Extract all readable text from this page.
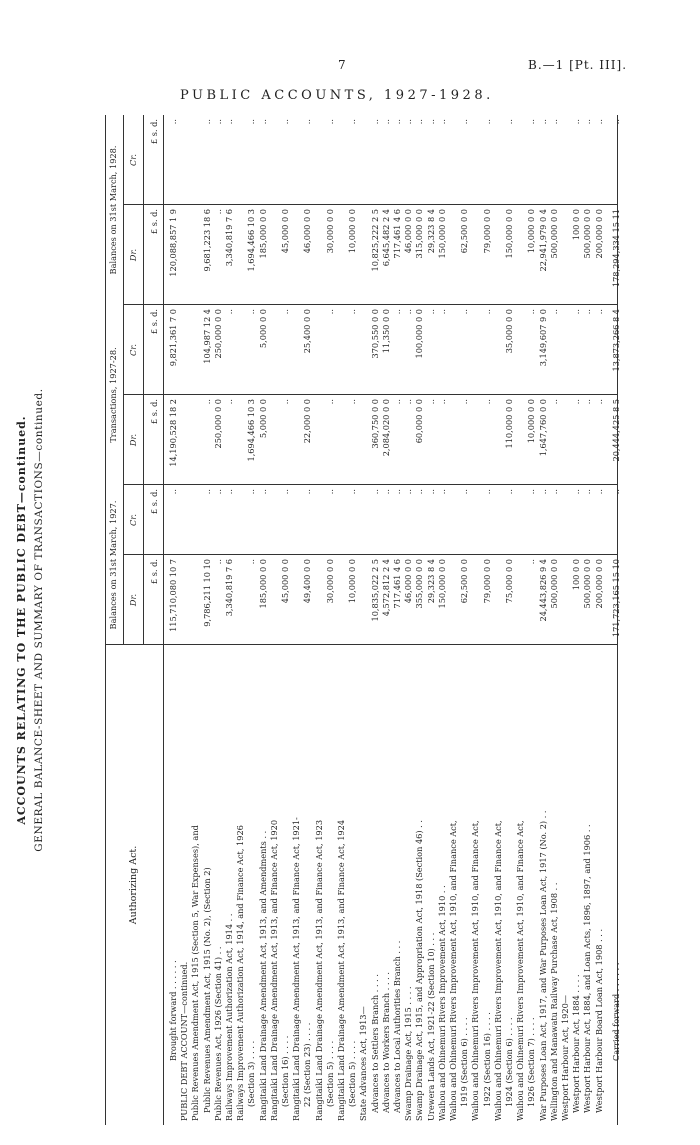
7	B.—1 [Pt. III].
PUBLIC ACCOUNTS, 1927-1928.
ACCOUNTS RELATING TO THE PUBLIC DEBT—continued. GENERAL BALANCE-SHEET AND SUMMARY OF TRANSACTIONS—continued.
Authorizing Act.
Balances on 31st March, 1927.
Transactions, 1927-28.
Balances on 31st March, 1928.
Dr.
Cr.
Dr.
Cr.
Dr.
Cr.
£ s. d.
£ s. d.
£ s. d.
£ s. d.
£ s. d.
£ s. d.
Brought forward . . . . . .
115,710,080 10 7
..
14,190,528 18 2
9,821,361 7 0
120,088,857 1 9
..
PUBLIC DEBT ACCOUNT—continued. Public Revenues Amendment Act, 1915 (Section 5, War Expenses), and Public Revenues Amendment Act, 1915 (No. 2), (Section 2)
9,786,211 10 10
..
..
104,987 12 4
9,681,223 18 6
..
Public Revenues Act, 1926 (Section 41) . .
..
..
250,000 0 0
250,000 0 0
..
..
Railways Improvement Authorization Act, 1914 . .
3,340,819 7 6
..
..
..
3,340,819 7 6
..
Railways Improvement Authorization Act, 1914, and Finance Act, 1926 (Section 3) . . . .
..
..
1,694,466 10 3
..
1,694,466 10 3
..
Rangitaiki Land Drainage Amendment Act, 1913, and Amendments . .
185,000 0 0
..
5,000 0 0
5,000 0 0
185,000 0 0
..
Rangitaiki Land Drainage Amendment Act, 1913, and Finance Act, 1920 (Section 16) . . . .
45,000 0 0
..
..
..
45,000 0 0
..
Rangitaiki Land Drainage Amendment Act, 1913, and Finance Act, 1921- 22 (Section 23) . . . .
49,400 0 0
..
22,000 0 0
25,400 0 0
46,000 0 0
..
Rangitaiki Land Drainage Amendment Act, 1913, and Finance Act, 1923 (Section 5) . . . .
30,000 0 0
..
..
..
30,000 0 0
..
Rangitaiki Land Drainage Amendment Act, 1913, and Finance Act, 1924 (Section 5) . . . .
10,000 0 0
..
..
..
10,000 0 0
..
State Advances Act, 1913— Advances to Settlers Branch . . . .
10,835,022 2 5
..
360,750 0 0
370,550 0 0
10,825,222 2 5
..
Advances to Workers Branch . . . .
4,572,812 2 4
..
2,084,020 0 0
11,350 0 0
6,645,482 2 4
..
Advances to Local Authorities Branch . . .
717,461 4 6
..
..
..
717,461 4 6
..
Swamp Drainage Act, 1915 . . . .
46,000 0 0
..
..
..
46,000 0 0
..
Swamp Drainage Act, 1915, and Appropriation Act, 1918 (Section 46) . .
355,000 0 0
..
60,000 0 0
100,000 0 0
315,000 0 0
..
Urewera Lands Act, 1921-22 (Section 10) . . .
29,323 8 4
..
..
..
29,323 8 4
..
Waihou and Ohinemuri Rivers Improvement Act, 1910 . .
150,000 0 0
..
..
..
150,000 0 0
..
Waihou and Ohinemuri Rivers Improvement Act, 1910, and Finance Act, 1919 (Section 6) . . . .
62,500 0 0
..
..
..
62,500 0 0
..
Waihou and Ohinemuri Rivers Improvement Act, 1910, and Finance Act, 1922 (Section 16) . . . .
79,000 0 0
..
..
..
79,000 0 0
..
Waihou and Ohinemuri Rivers Improvement Act, 1910, and Finance Act, 1924 (Section 6) . . . .
75,000 0 0
..
110,000 0 0
35,000 0 0
150,000 0 0
..
Waihou and Ohinemuri Rivers Improvement Act, 1910, and Finance Act, 1926 (Section 7) . . . .
..
..
10,000 0 0
..
10,000 0 0
..
War Purposes Loan Act, 1917, and War Purposes Loan Act, 1917 (No. 2) . .
24,443,826 9 4
..
1,647,760 0 0
3,149,607 9 0
22,941,979 0 4
..
Wellington and Manawatu Railway Purchase Act, 1908 . .
500,000 0 0
..
..
..
500,000 0 0
..
Westport Harbour Act, 1920— Westport Harbour Act, 1884 . . . .
100 0 0
..
..
..
100 0 0
..
Westport Harbour Act, 1884, and Loan Acts, 1896, 1897, and 1906 . .
500,000 0 0
..
..
..
500,000 0 0
..
Westport Harbour Board Loan Act, 1908 . . .
200,000 0 0
..
..
..
200,000 0 0
..
Carried forward . . . . . .
171,723,165 15 10
..
20,444,425 8 5
13,873,266 8 4
178,294,334 15 11
..
